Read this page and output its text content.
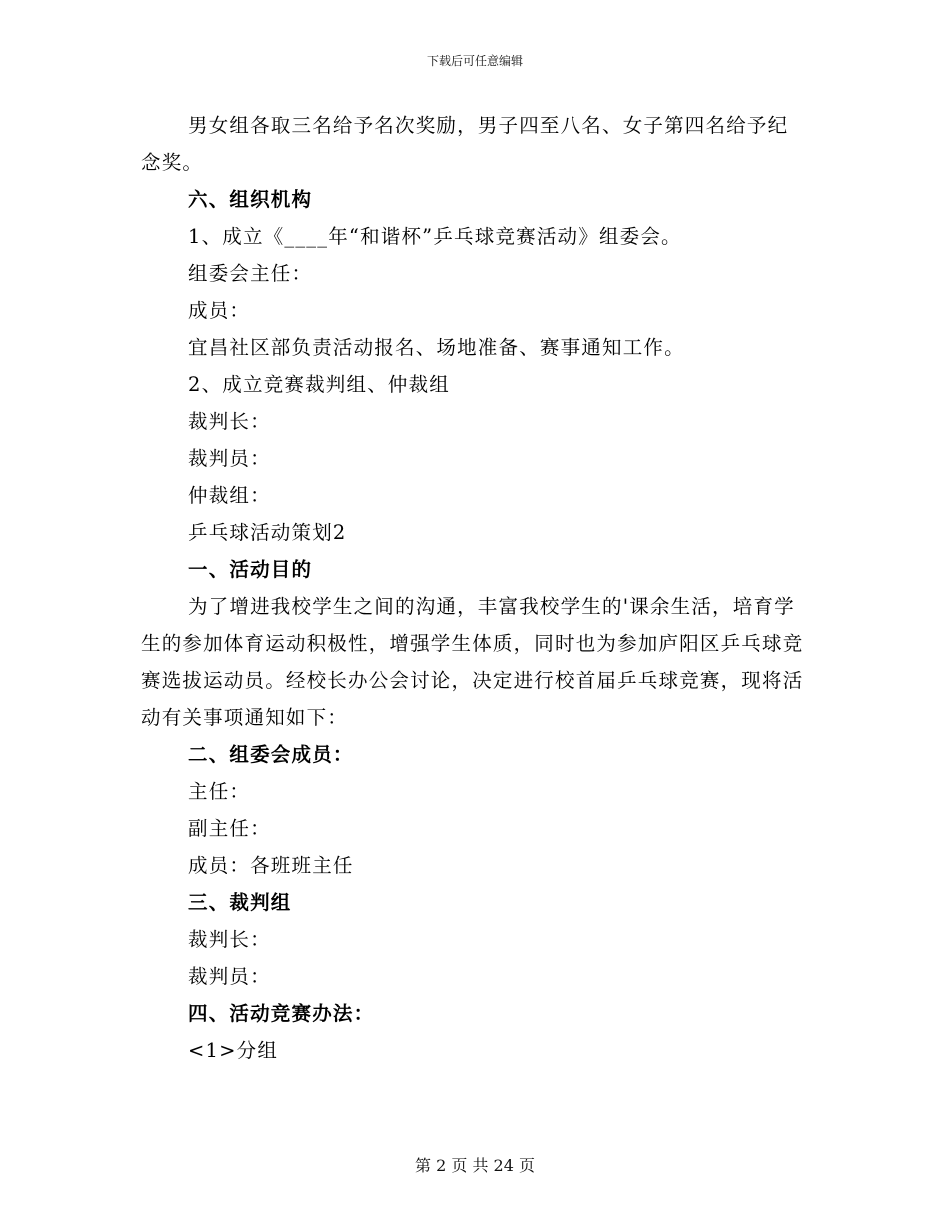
下载后可任意编辑

男女组各取三名给予名次奖励，男子四至八名、女子第四名给予纪念奖。

六、组织机构

1、成立《____年“和谐杯”乒乓球竞赛活动》组委会。

组委会主任：

成员：

宜昌社区部负责活动报名、场地准备、赛事通知工作。

2、成立竞赛裁判组、仲裁组

裁判长：

裁判员：

仲裁组：

乒乓球活动策划2

一、活动目的

为了增进我校学生之间的沟通，丰富我校学生的'课余生活，培育学生的参加体育运动积极性，增强学生体质，同时也为参加庐阳区乒乓球竞赛选拔运动员。经校长办公会讨论，决定进行校首届乒乓球竞赛，现将活动有关事项通知如下：

二、组委会成员：

主任：

副主任：

成员：各班班主任

三、裁判组

裁判长：

裁判员：

四、活动竞赛办法：

<1>分组

第 2 页 共 24 页
